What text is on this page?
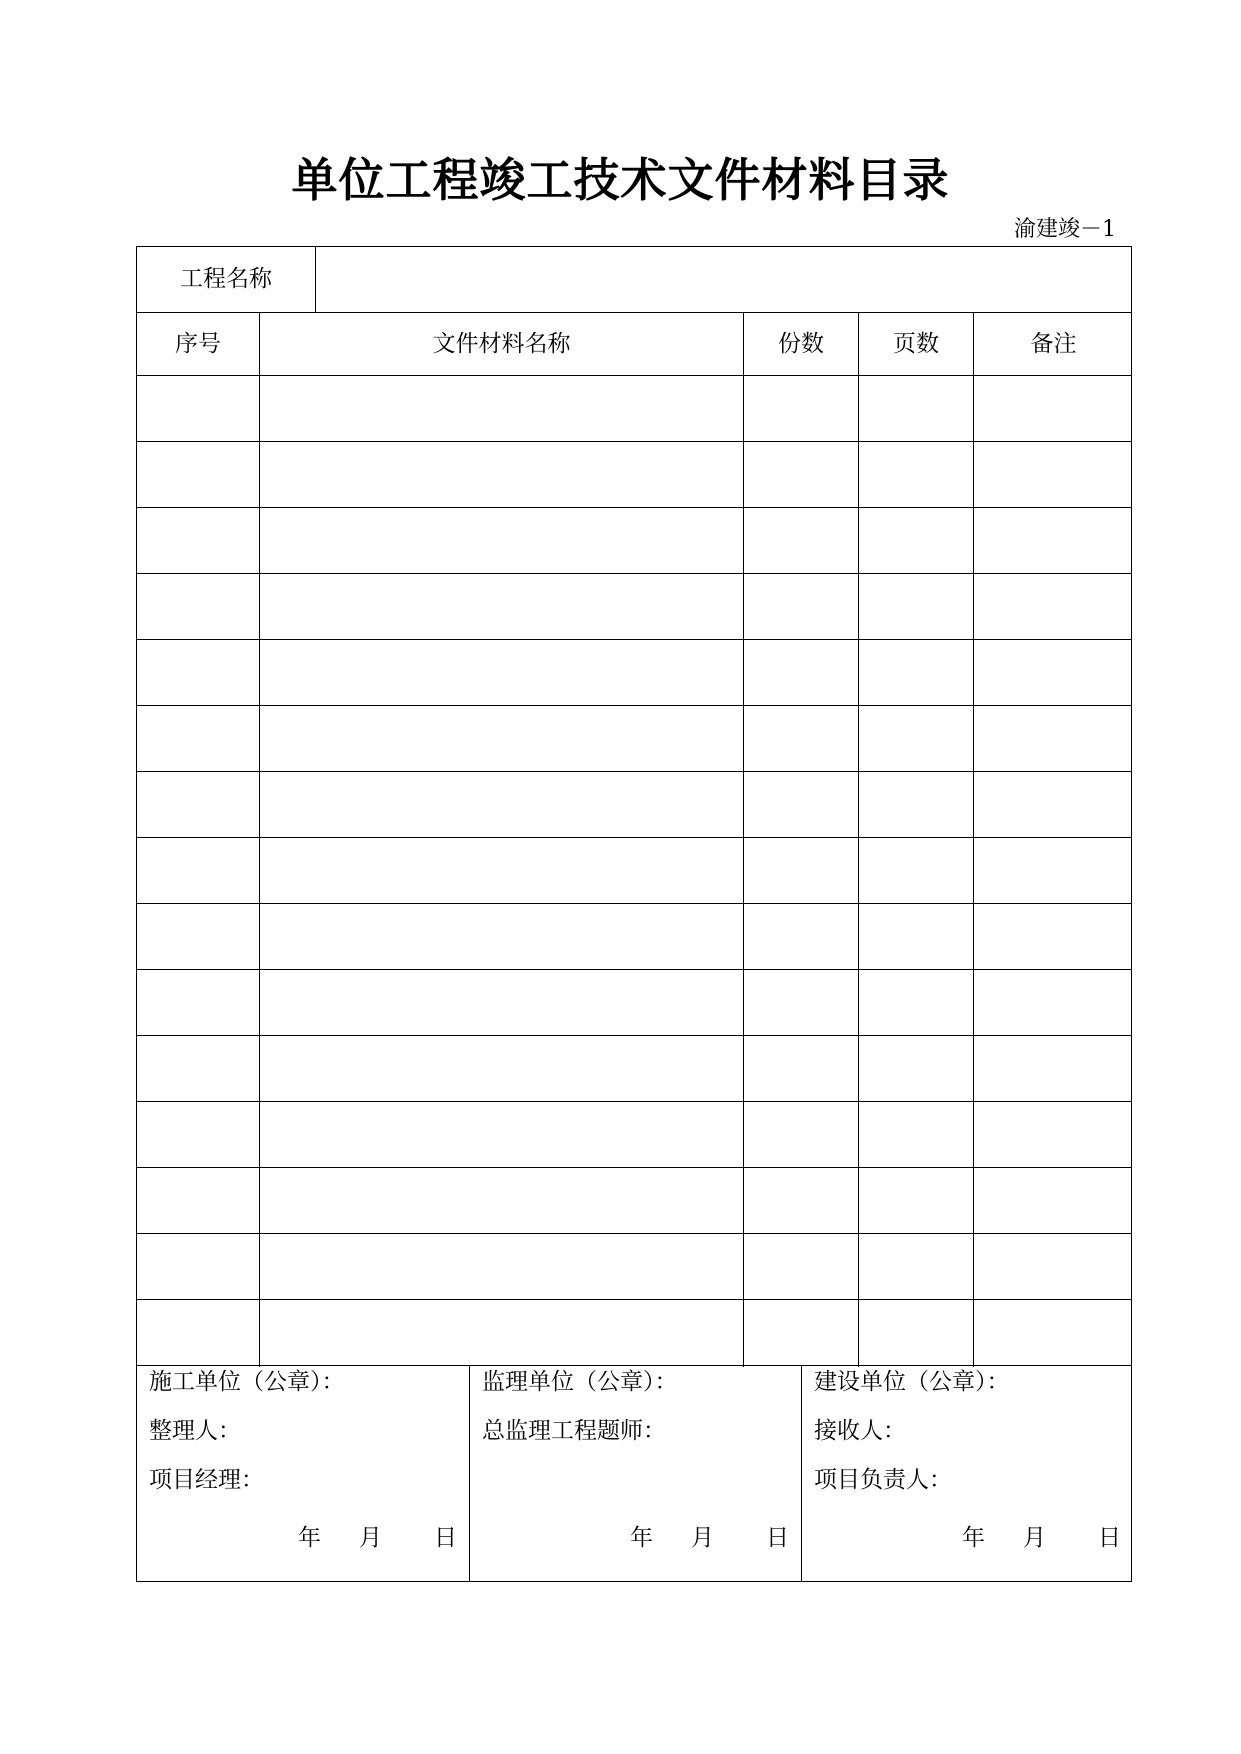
单位工程竣工技术文件材料目录
渝建竣－1
工程名称
序号	文件材料名称	份数	页数	备注
施工单位（公章）：
整理人：
项目经理：
年 月 日
监理单位（公章）：
总监理工程题师：
年 月 日
建设单位（公章）：
接收人：
项目负责人：
年 月 日
